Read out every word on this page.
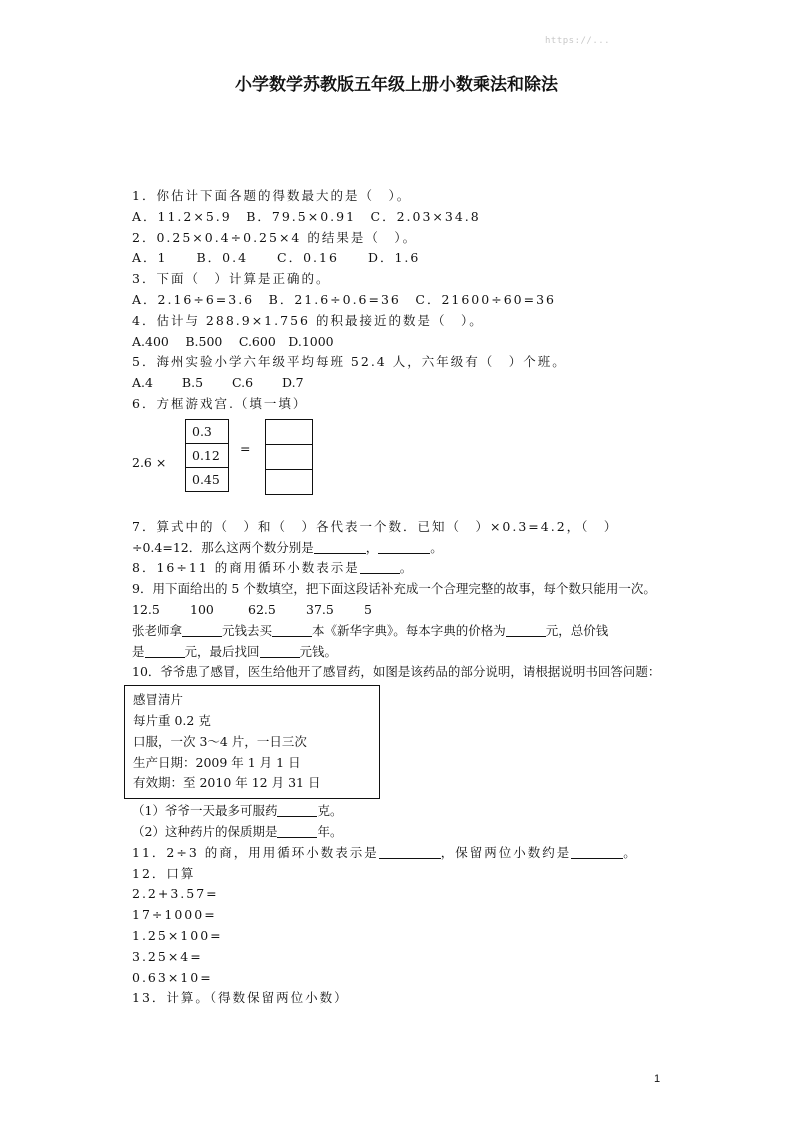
https://...
小学数学苏教版五年级上册小数乘法和除法
1．你估计下面各题的得数最大的是（　）。
A．11.2×5.9　B．79.5×0.91　C．2.03×34.8
2．0.25×0.4÷0.25×4 的结果是（　）。
A．1　　B．0.4　　C．0.16　　D．1.6
3．下面（　）计算是正确的。
A．2.16÷6=3.6　B．21.6÷0.6=36　C．21600÷60=36
4．估计与 288.9×1.756 的积最接近的数是（　）。
A.400　 B.500　 C.600　D.1000
5．海州实验小学六年级平均每班 52.4 人，六年级有（　）个班。
A.4　　 B.5　　 C.6　　 D.7
6．方框游戏宫.（填一填）
2.6 ×
0.3
0.12
0.45
=
7．算式中的（　）和（　）各代表一个数．已知（　）×0.3=4.2，（　）
÷0.4=12．那么这两个数分别是	，	。
8．16÷11 的商用循环小数表示是	。
9．用下面给出的 5 个数填空，把下面这段话补充成一个合理完整的故事，每个数只能用一次。
12.5 100	62.5 37.5 5
张老师拿	元钱去买	本《新华字典》。每本字典的价格为	元，总价钱
是	元，最后找回	元钱。
10．爷爷患了感冒，医生给他开了感冒药，如图是该药品的部分说明，请根据说明书回答问题：
感冒清片
每片重 0.2 克
口服，一次 3～4 片，一日三次
生产日期：2009 年 1 月 1 日
有效期：至 2010 年 12 月 31 日
（1）爷爷一天最多可服药	克。
（2）这种药片的保质期是	年。
11．2÷3 的商，用用循环小数表示是	，保留两位小数约是	。
12．口算
2.2+3.57=
17÷1000=
1.25×100=
3.25×4=
0.63×10=
13．计算。（得数保留两位小数）
1
